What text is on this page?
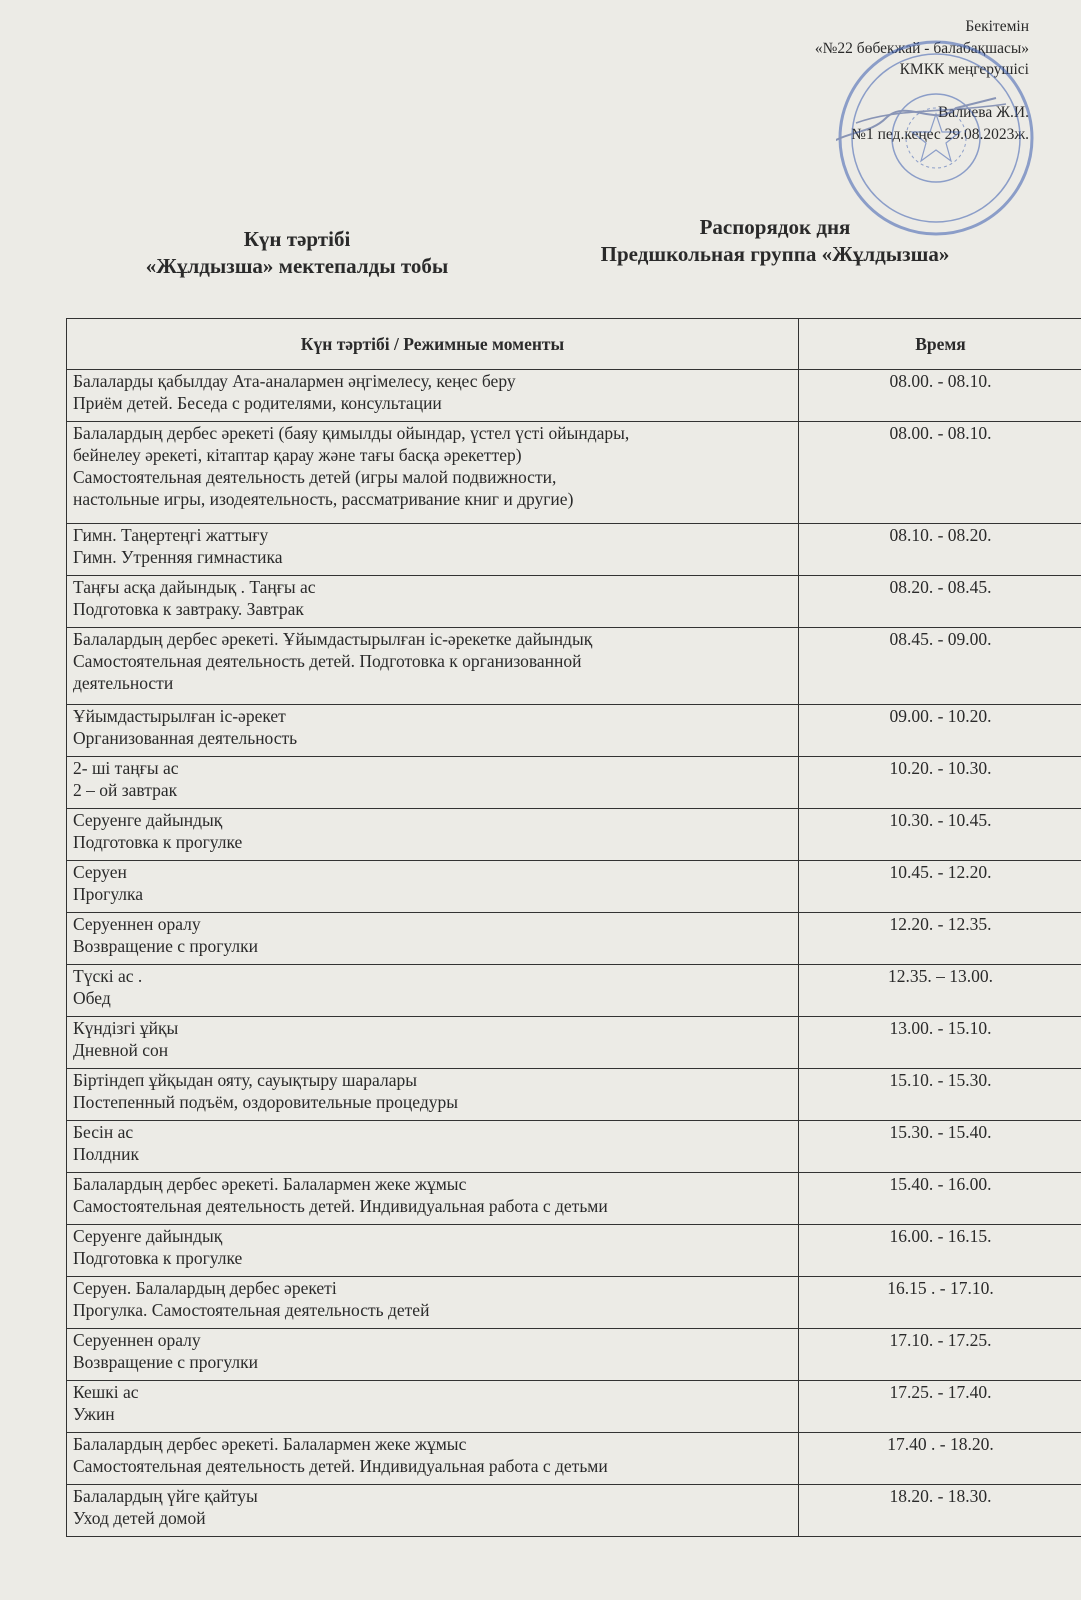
Бекітемін
«№22 бөбекжай - балабақшасы»
КМКК меңгерушісі
Валиева Ж.И.
№1 пед.кеңес 29.08.2023ж.
Күн тәртібі
«Жұлдызша» мектепалды тобы
Распорядок дня
Предшкольная группа «Жұлдызша»
Күн тәртібі / Режимные моменты	Время

Балаларды қабылдау Ата-аналармен әңгімелесу, кеңес беру
Приём детей. Беседа с родителями, консультации	08.00. - 08.10.

Балалардың дербес әрекеті (баяу қимылды ойындар, үстел үсті ойындары,
бейнелеу әрекеті, кітаптар қарау және тағы басқа әрекеттер)
Самостоятельная деятельность детей (игры малой подвижности,
настольные игры, изодеятельность, рассматривание книг и другие)	08.00. - 08.10.

Гимн. Таңертеңгі жаттығу
Гимн. Утренняя гимнастика	08.10. - 08.20.

Таңғы асқа дайындық . Таңғы ас
Подготовка к завтраку. Завтрак	08.20. - 08.45.

Балалардың дербес әрекеті. Ұйымдастырылған іс-әрекетке дайындық
Самостоятельная деятельность детей. Подготовка к организованной
деятельности	08.45. - 09.00.

Ұйымдастырылған іс-әрекет
Организованная деятельность	09.00. - 10.20.

2- ші таңғы ас
2 – ой завтрак	10.20. - 10.30.

Серуенге дайындық
Подготовка к прогулке	10.30. - 10.45.

Серуен
Прогулка	10.45. - 12.20.

Серуеннен оралу
Возвращение с прогулки	12.20. - 12.35.

Түскі ас .
Обед	12.35. – 13.00.

Күндізгі ұйқы
Дневной сон	13.00. - 15.10.

Біртіндеп ұйқыдан ояту, сауықтыру шаралары
Постепенный подъём, оздоровительные процедуры	15.10. - 15.30.

Бесін ас
Полдник	15.30. - 15.40.

Балалардың дербес әрекеті. Балалармен жеке жұмыс
Самостоятельная деятельность детей. Индивидуальная работа с детьми	15.40. - 16.00.

Серуенге дайындық
Подготовка к прогулке	16.00. - 16.15.

Серуен. Балалардың дербес әрекеті
Прогулка. Самостоятельная деятельность детей	16.15 . - 17.10.

Серуеннен оралу
Возвращение с прогулки	17.10. - 17.25.

Кешкі ас
Ужин	17.25. - 17.40.

Балалардың дербес әрекеті. Балалармен жеке жұмыс
Самостоятельная деятельность детей. Индивидуальная работа с детьми	17.40 . - 18.20.

Балалардың үйге қайтуы
Уход детей домой	18.20. - 18.30.
